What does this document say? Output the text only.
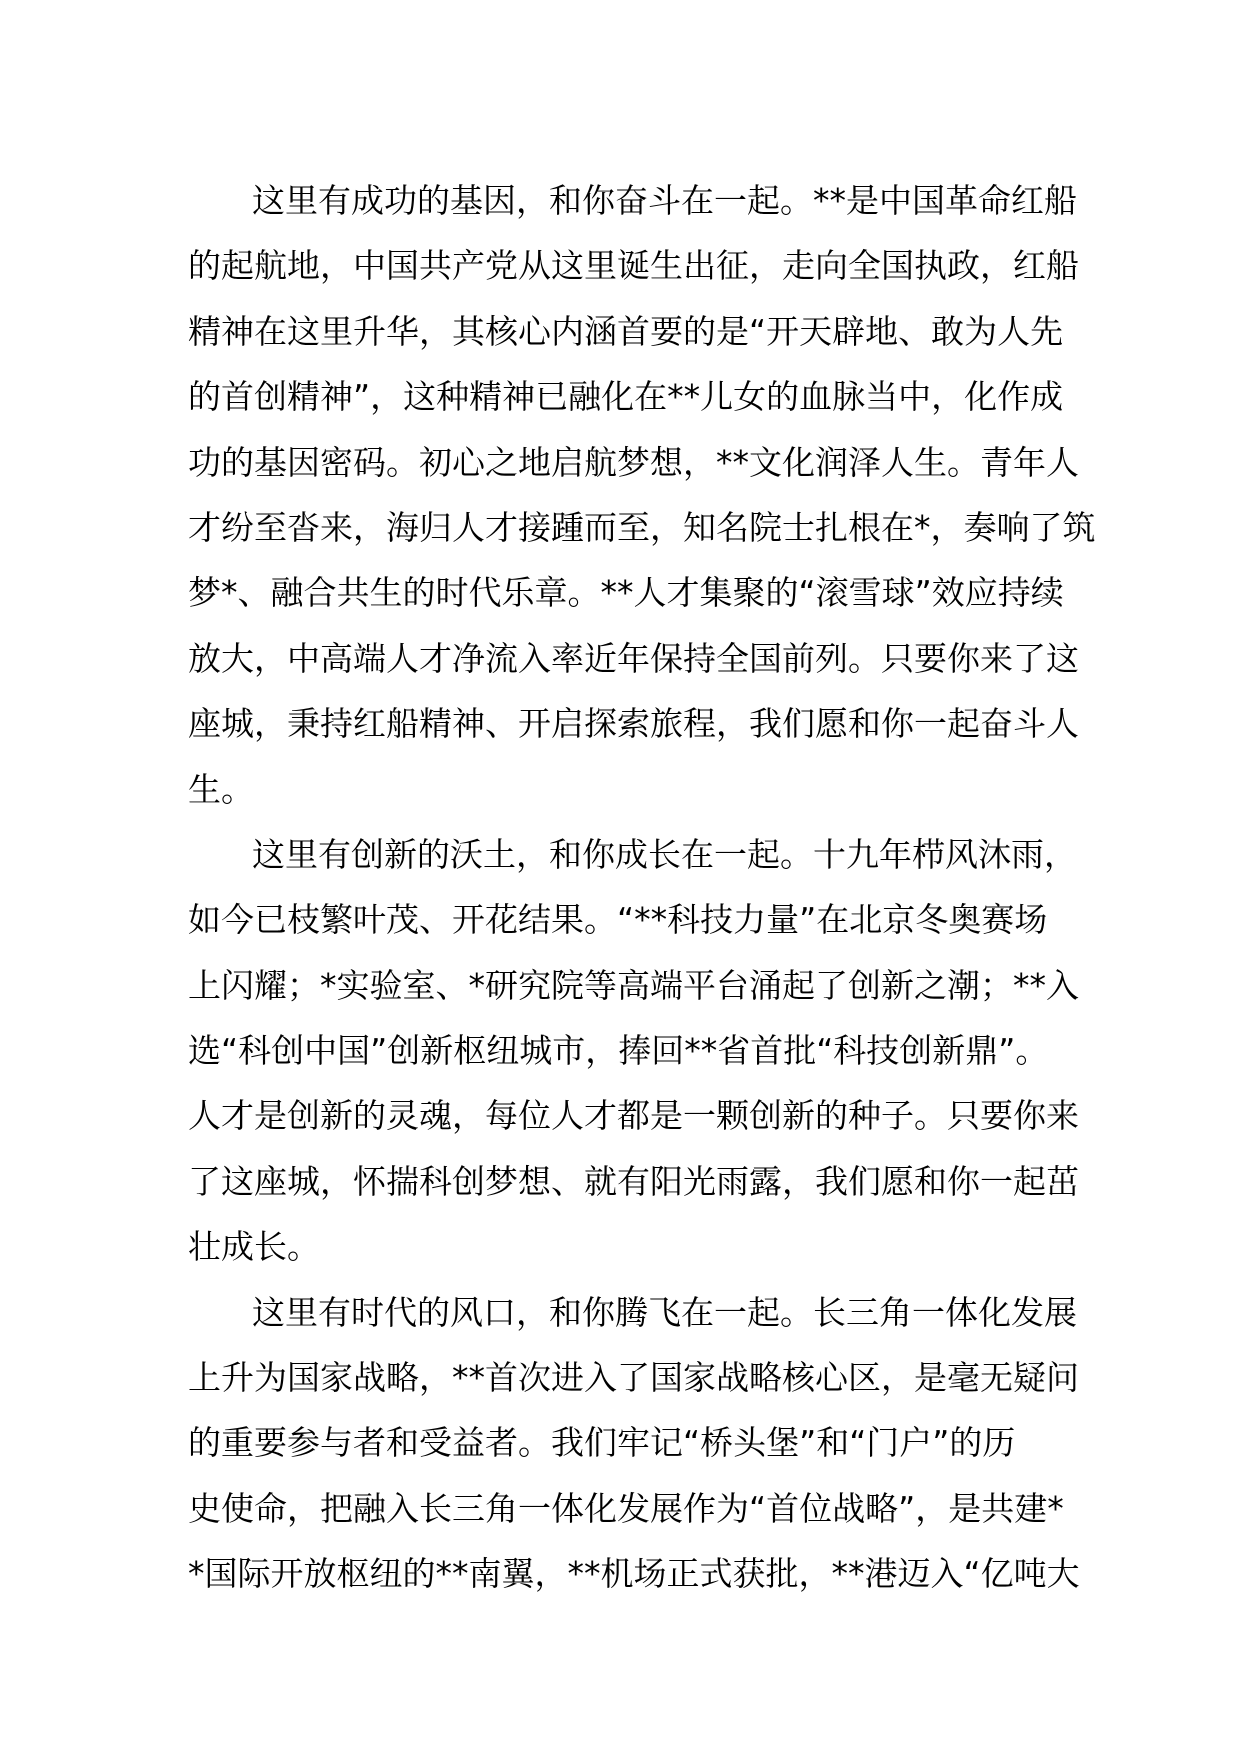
这里有成功的基因，和你奋斗在一起。**是中国革命红船
的起航地，中国共产党从这里诞生出征，走向全国执政，红船
精神在这里升华，其核心内涵首要的是“开天辟地、敢为人先
的首创精神”，这种精神已融化在**儿女的血脉当中，化作成
功的基因密码。初心之地启航梦想，**文化润泽人生。青年人
才纷至沓来，海归人才接踵而至，知名院士扎根在*，奏响了筑
梦*、融合共生的时代乐章。**人才集聚的“滚雪球”效应持续
放大，中高端人才净流入率近年保持全国前列。只要你来了这
座城，秉持红船精神、开启探索旅程，我们愿和你一起奋斗人
生。
这里有创新的沃土，和你成长在一起。十九年栉风沐雨，
如今已枝繁叶茂、开花结果。“**科技力量”在北京冬奥赛场
上闪耀；*实验室、*研究院等高端平台涌起了创新之潮；**入
选“科创中国”创新枢纽城市，捧回**省首批“科技创新鼎”。
人才是创新的灵魂，每位人才都是一颗创新的种子。只要你来
了这座城，怀揣科创梦想、就有阳光雨露，我们愿和你一起茁
壮成长。
这里有时代的风口，和你腾飞在一起。长三角一体化发展
上升为国家战略，**首次进入了国家战略核心区，是毫无疑问
的重要参与者和受益者。我们牢记“桥头堡”和“门户”的历
史使命，把融入长三角一体化发展作为“首位战略”，是共建*
*国际开放枢纽的**南翼，**机场正式获批，**港迈入“亿吨大
